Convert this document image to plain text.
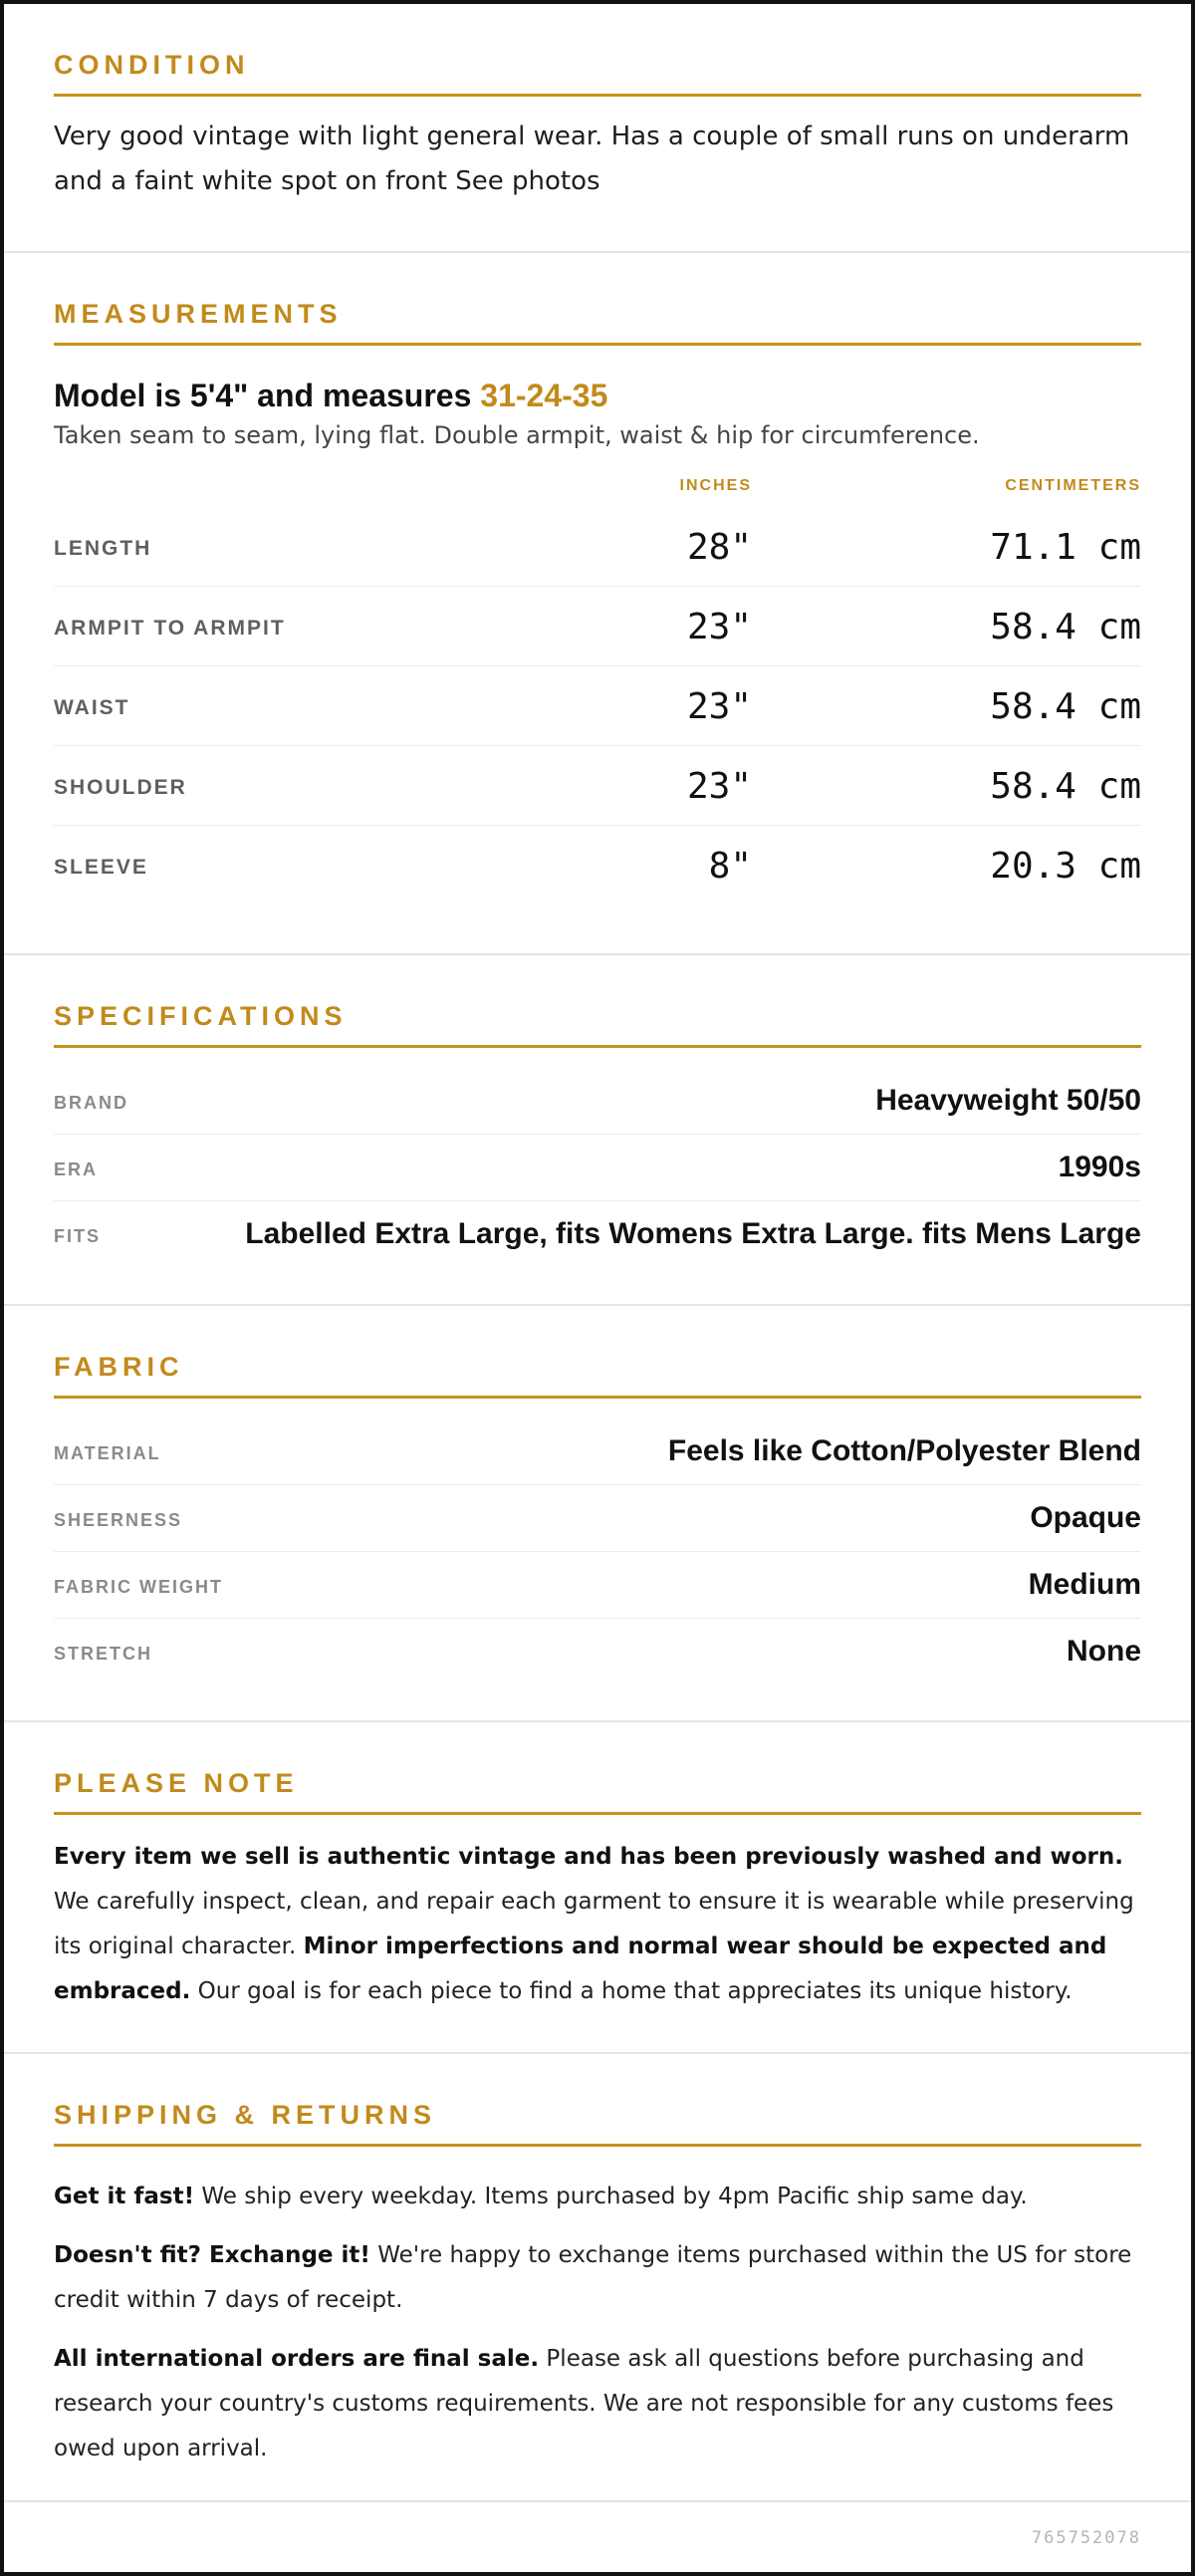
CONDITION

Very good vintage with light general wear. Has a couple of small runs on underarm and a faint white spot on front See photos

MEASUREMENTS

Model is 5'4" and measures 31-24-35

Taken seam to seam, lying flat. Double armpit, waist & hip for circumference.

INCHES	CENTIMETERS
LENGTH	28"	71.1 cm
ARMPIT TO ARMPIT	23"	58.4 cm
WAIST	23"	58.4 cm
SHOULDER	23"	58.4 cm
SLEEVE	8"	20.3 cm
SPECIFICATIONS
BRAND	Heavyweight 50/50
ERA	1990s
FITS	Labelled Extra Large, fits Womens Extra Large. fits Mens Large
FABRIC
MATERIAL	Feels like Cotton/Polyester Blend
SHEERNESS	Opaque
FABRIC WEIGHT	Medium
STRETCH	None
PLEASE NOTE

Every item we sell is authentic vintage and has been previously washed and worn. We carefully inspect, clean, and repair each garment to ensure it is wearable while preserving its original character. Minor imperfections and normal wear should be expected and embraced. Our goal is for each piece to find a home that appreciates its unique history.

SHIPPING & RETURNS

Get it fast! We ship every weekday. Items purchased by 4pm Pacific ship same day.

Doesn't fit? Exchange it! We're happy to exchange items purchased within the US for store credit within 7 days of receipt.

All international orders are final sale. Please ask all questions before purchasing and research your country's customs requirements. We are not responsible for any customs fees owed upon arrival.

765752078
